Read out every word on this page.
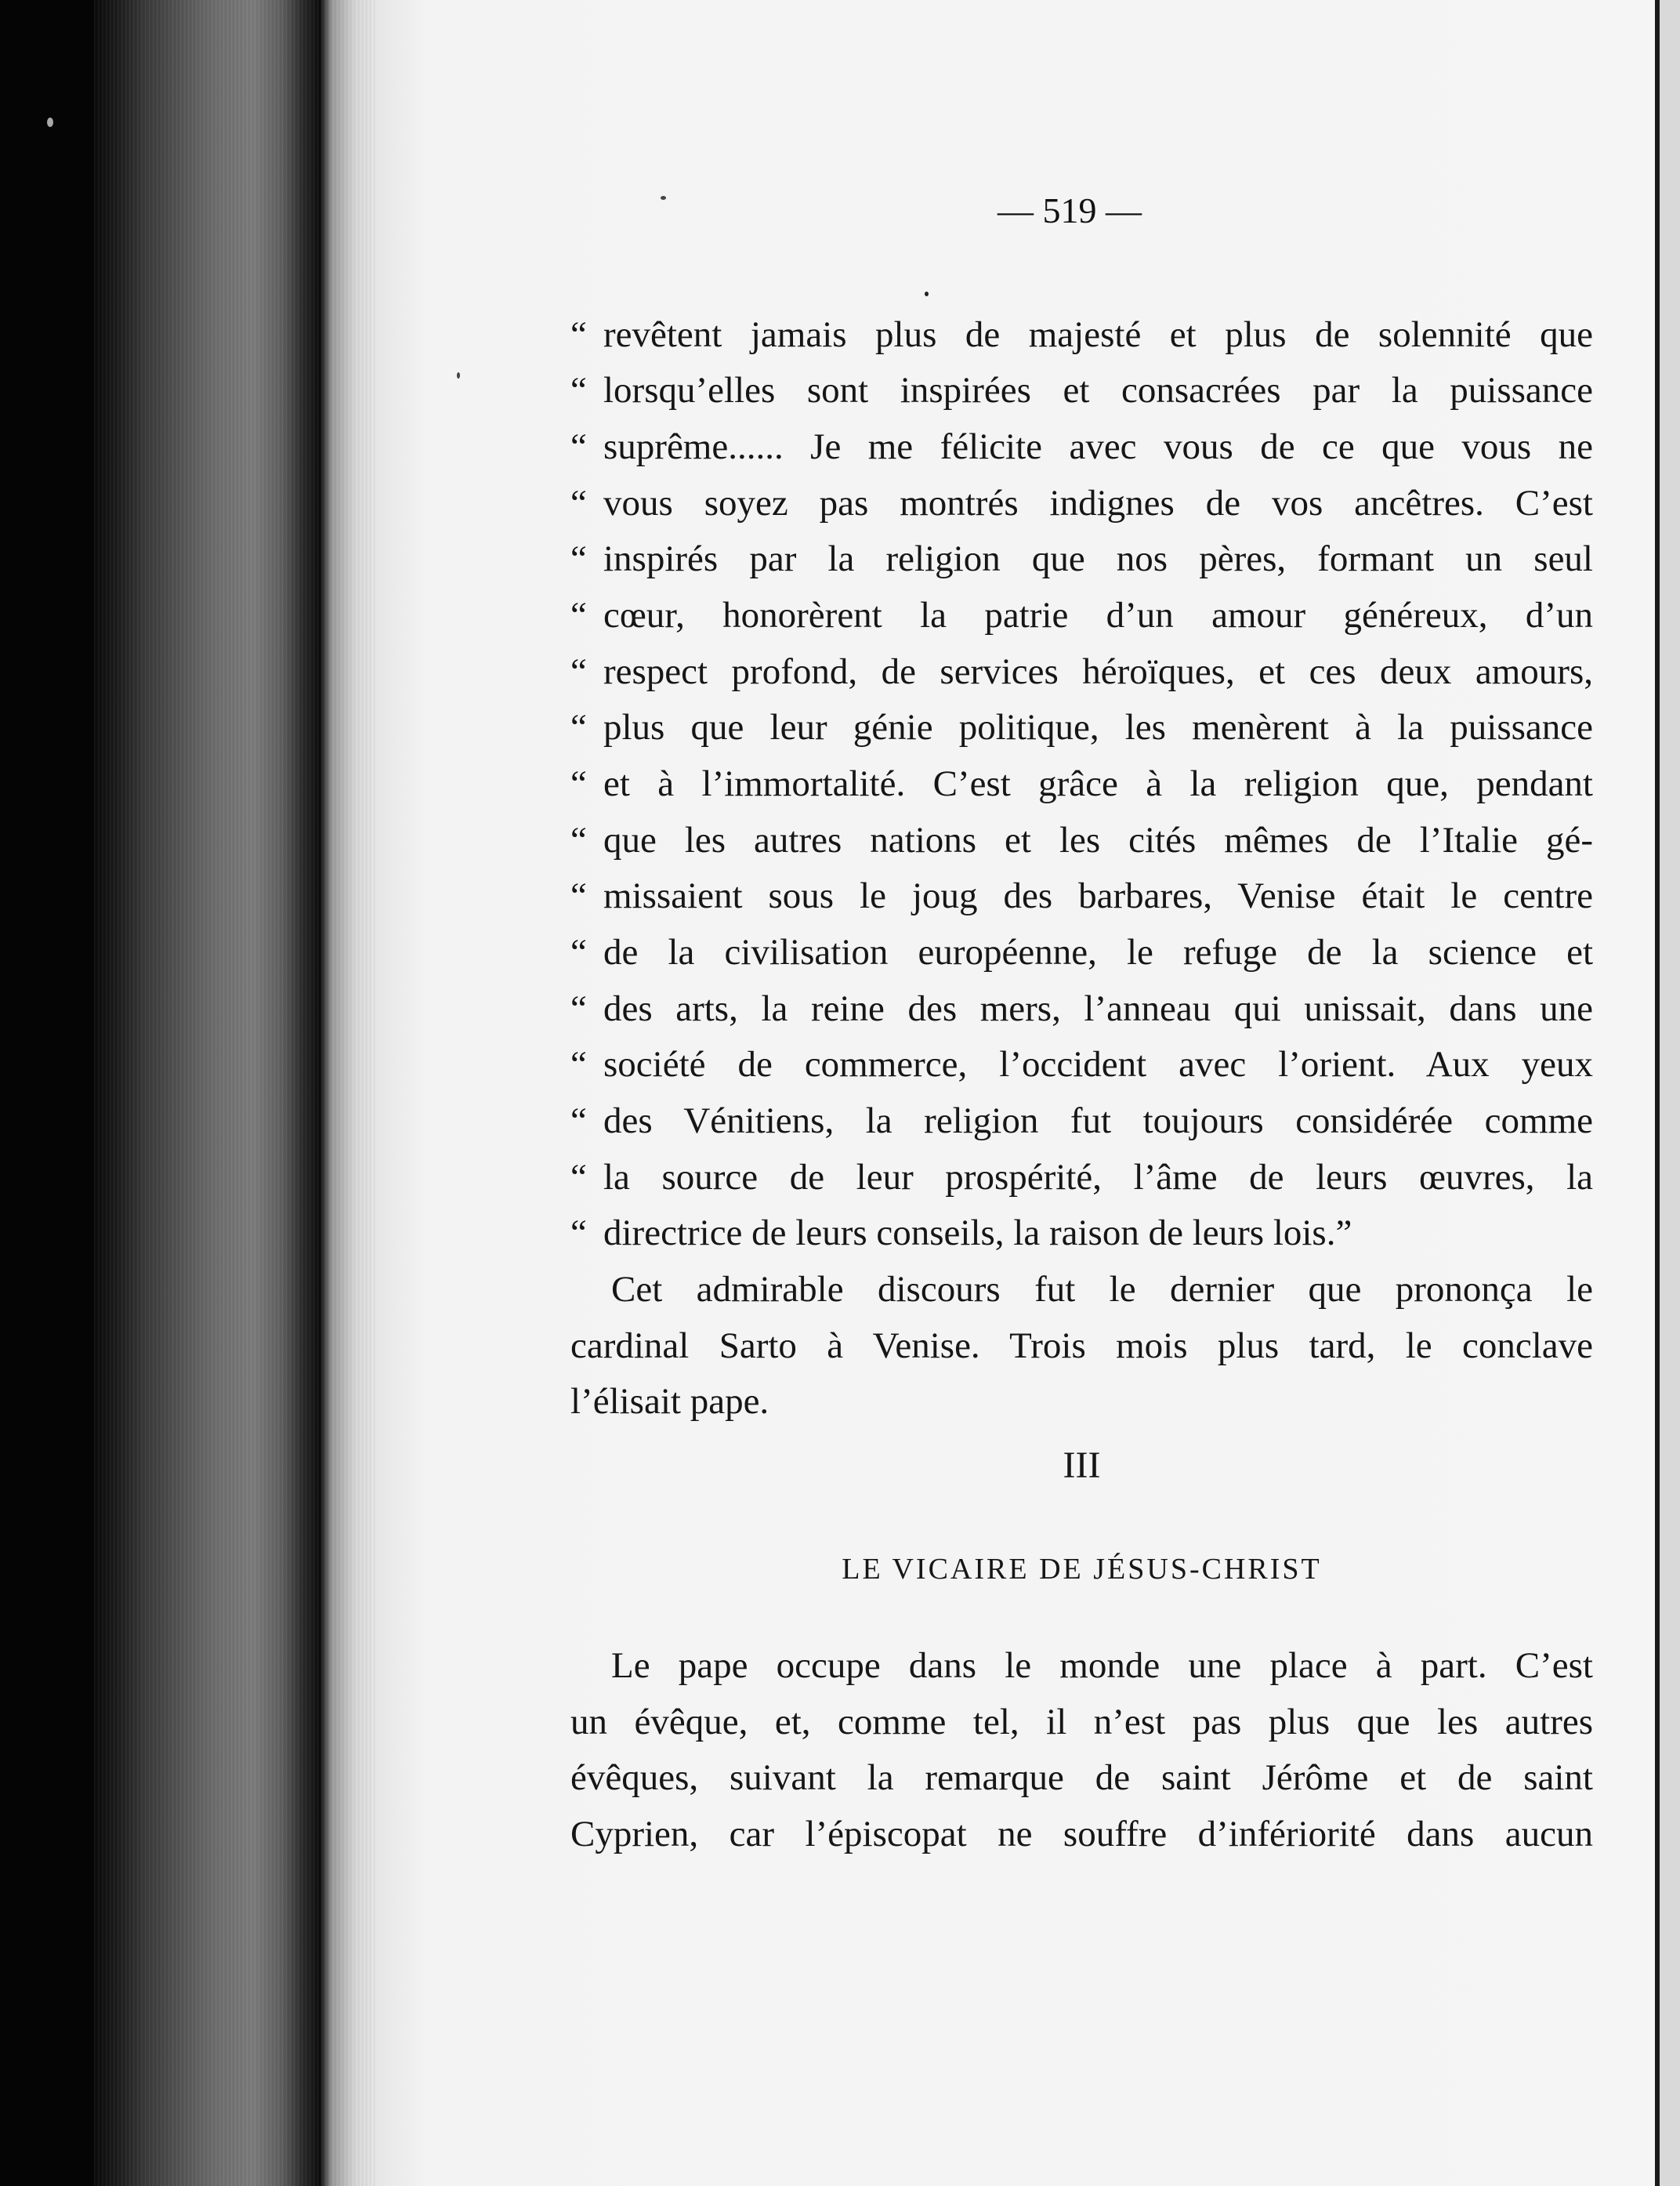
— 519 —
“ revêtent jamais plus de majesté et plus de solennité que
“ lorsqu’elles sont inspirées et consacrées par la puissance
“ suprême...... Je me félicite avec vous de ce que vous ne
“ vous soyez pas montrés indignes de vos ancêtres. C’est
“ inspirés par la religion que nos pères, formant un seul
“ cœur, honorèrent la patrie d’un amour généreux, d’un
“ respect profond, de services héroïques, et ces deux amours,
“ plus que leur génie politique, les menèrent à la puissance
“ et à l’immortalité. C’est grâce à la religion que, pendant
“ que les autres nations et les cités mêmes de l’Italie gé-
“ missaient sous le joug des barbares, Venise était le centre
“ de la civilisation européenne, le refuge de la science et
“ des arts, la reine des mers, l’anneau qui unissait, dans une
“ société de commerce, l’occident avec l’orient. Aux yeux
“ des Vénitiens, la religion fut toujours considérée comme
“ la source de leur prospérité, l’âme de leurs œuvres, la
“ directrice de leurs conseils, la raison de leurs lois.”
Cet admirable discours fut le dernier que prononça le
cardinal Sarto à Venise. Trois mois plus tard, le conclave
l’élisait pape.
Le pape occupe dans le monde une place à part. C’est
un évêque, et, comme tel, il n’est pas plus que les autres
évêques, suivant la remarque de saint Jérôme et de saint
Cyprien, car l’épiscopat ne souffre d’infériorité dans aucun
III
LE VICAIRE DE JÉSUS-CHRIST
